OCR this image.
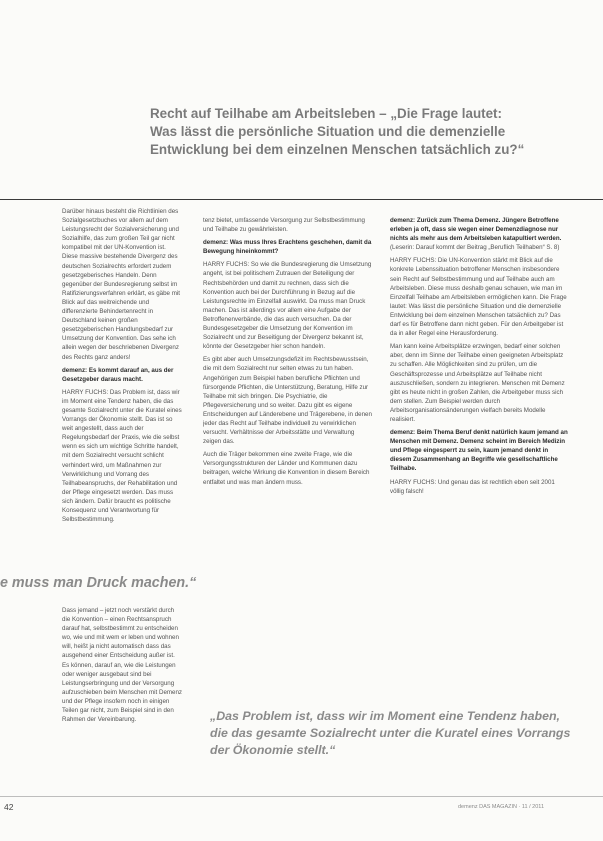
Recht auf Teilhabe am Arbeitsleben – „Die Frage lautet:
Was lässt die persönliche Situation und die demenzielle
Entwicklung bei dem einzelnen Menschen tatsächlich zu?“

Darüber hinaus besteht die Richtlinien des Sozialgesetzbuches vor allem auf dem Leistungsrecht der Sozialversicherung und Sozialhilfe, das zum großen Teil gar nicht kompatibel mit der UN-Konvention ist. Diese massive bestehende Divergenz des deutschen Sozialrechts erfordert zudem gesetzgeberisches Handeln. Denn gegenüber der Bundesregierung selbst im Ratifizierungsverfahren erklärt, es gäbe mit Blick auf das weitreichende und differenzierte Behindertenrecht in Deutschland keinen großen gesetzgeberischen Handlungsbedarf zur Umsetzung der Konvention. Das sehe ich allein wegen der beschriebenen Divergenz des Rechts ganz anders!

demenz: Es kommt darauf an, aus der Gesetzgeber daraus macht.

HARRY FUCHS: Das Problem ist, dass wir im Moment eine Tendenz haben, die das gesamte Sozialrecht unter die Kuratel eines Vorrangs der Ökonomie stellt. Das ist so weit angestellt, dass auch der Regelungsbedarf der Praxis, wie die selbst wenn es sich um wichtige Schritte handelt, mit dem Sozialrecht versucht schlicht verhindert wird, um Maßnahmen zur Verwirklichung und Vorrang des Teilhabeanspruchs, der Rehabilitation und der Pflege eingesetzt werden. Das muss sich ändern. Dafür braucht es politische Konsequenz und Verantwortung für Selbstbestimmung.

tenz bietet, umfassende Versorgung zur Selbstbestimmung und Teilhabe zu gewährleisten.

demenz: Was muss Ihres Erachtens geschehen, damit da Bewegung hineinkommt?

HARRY FUCHS: So wie die Bundesregierung die Umsetzung angeht, ist bei politischem Zutrauen der Beteiligung der Rechtsbehörden und damit zu rechnen, dass sich die Konvention auch bei der Durchführung in Bezug auf die Leistungsrechte im Einzelfall auswirkt. Da muss man Druck machen. Das ist allerdings vor allem eine Aufgabe der Betroffenenverbände, die das auch versuchen. Da der Bundesgesetzgeber die Umsetzung der Konvention im Sozialrecht und zur Beseitigung der Divergenz bekannt ist, könnte der Gesetzgeber hier schon handeln.

Es gibt aber auch Umsetzungsdefizit im Rechtsbewusstsein, die mit dem Sozialrecht nur selten etwas zu tun haben. Angehörigen zum Beispiel haben berufliche Pflichten und fürsorgende Pflichten, die Unterstützung, Beratung, Hilfe zur Teilhabe mit sich bringen. Die Psychiatrie, die Pflegeversicherung und so weiter. Dazu gibt es eigene Entscheidungen auf Länderebene und Trägerebene, in denen jeder das Recht auf Teilhabe individuell zu verwirklichen versucht. Verhältnisse der Arbeitsstätte und Verwaltung zeigen das.

Auch die Träger bekommen eine zweite Frage, wie die Versorgungsstrukturen der Länder und Kommunen dazu beitragen, welche Wirkung die Konvention in diesem Bereich entfaltet und was man ändern muss.

demenz: Zurück zum Thema Demenz. Jüngere Betroffene erleben ja oft, dass sie wegen einer Demenzdiagnose nur nichts als mehr aus dem Arbeitsleben katapultiert werden.

(Leserin: Darauf kommt der Beitrag „Beruflich Teilhaben“ S. 8)

HARRY FUCHS: Die UN-Konvention stärkt mit Blick auf die konkrete Lebenssituation betroffener Menschen insbesondere sein Recht auf Selbstbestimmung und auf Teilhabe auch am Arbeitsleben. Diese muss deshalb genau schauen, wie man im Einzelfall Teilhabe am Arbeitsleben ermöglichen kann. Die Frage lautet: Was lässt die persönliche Situation und die demenzielle Entwicklung bei dem einzelnen Menschen tatsächlich zu? Das darf es für Betroffene dann nicht geben. Für den Arbeitgeber ist da in aller Regel eine Herausforderung.

Man kann keine Arbeitsplätze erzwingen, bedarf einer solchen aber, denn im Sinne der Teilhabe einen geeigneten Arbeitsplatz zu schaffen. Alle Möglichkeiten sind zu prüfen, um die Geschäftsprozesse und Arbeitsplätze auf Teilhabe nicht auszuschließen, sondern zu integrieren. Menschen mit Demenz gibt es heute nicht in großen Zahlen, die Arbeitgeber muss sich dem stellen. Zum Beispiel werden durch Arbeitsorganisationsänderungen vielfach bereits Modelle realisiert.

demenz: Beim Thema Beruf denkt natürlich kaum jemand an Menschen mit Demenz. Demenz scheint im Bereich Medizin und Pflege eingesperrt zu sein, kaum jemand denkt in diesem Zusammenhang an Begriffe wie gesellschaftliche Teilhabe.

HARRY FUCHS: Und genau das ist rechtlich eben seit 2001 völlig falsch!

e muss man Druck machen.“

Dass jemand – jetzt noch verstärkt durch die Konvention – einen Rechtsanspruch darauf hat, selbstbestimmt zu entscheiden wo, wie und mit wem er leben und wohnen will, heißt ja nicht automatisch dass das ausgehend einer Entscheidung außer ist. Es können, darauf an, wie die Leistungen oder weniger ausgebaut sind bei Leistungserbringung und der Versorgung aufzuschieben beim Menschen mit Demenz und der Pflege insofern noch in einigen Teilen gar nicht, zum Beispiel sind in den Rahmen der Vereinbarung.	„Das Problem ist, dass wir im Moment eine Tendenz haben, die das gesamte Sozialrecht unter die Kuratel eines Vorrangs der Ökonomie stellt.“
42	demenz DAS MAGAZIN · 11 / 2011
